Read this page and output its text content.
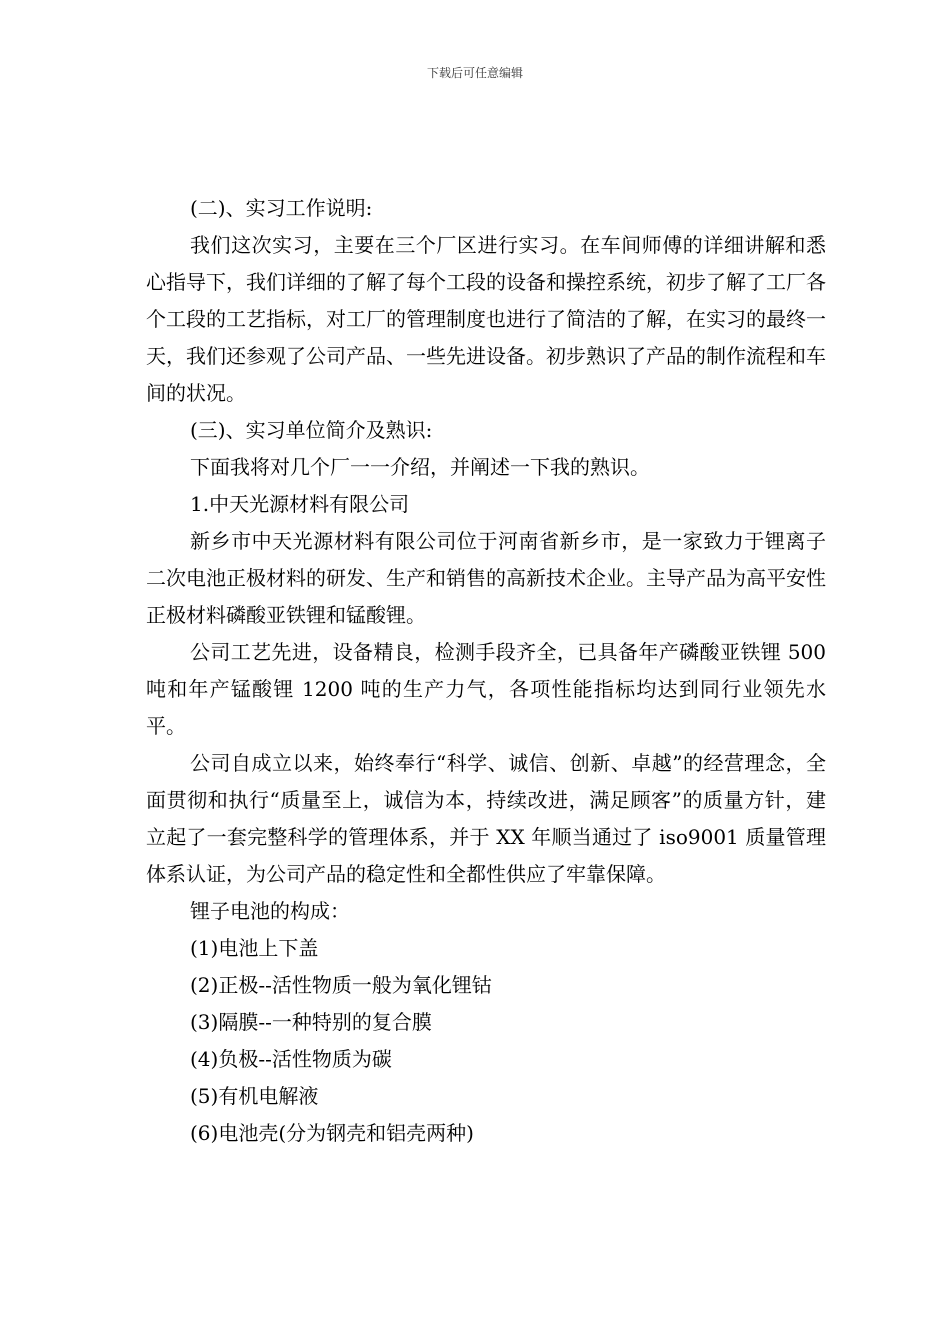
下载后可任意编辑

(二)、实习工作说明:

我们这次实习，主要在三个厂区进行实习。在车间师傅的详细讲解和悉心指导下，我们详细的了解了每个工段的设备和操控系统，初步了解了工厂各个工段的工艺指标，对工厂的管理制度也进行了简洁的了解，在实习的最终一天，我们还参观了公司产品、一些先进设备。初步熟识了产品的制作流程和车间的状况。

(三)、实习单位简介及熟识:

下面我将对几个厂一一介绍，并阐述一下我的熟识。

1.中天光源材料有限公司

新乡市中天光源材料有限公司位于河南省新乡市，是一家致力于锂离子二次电池正极材料的研发、生产和销售的高新技术企业。主导产品为高平安性正极材料磷酸亚铁锂和锰酸锂。

公司工艺先进，设备精良，检测手段齐全，已具备年产磷酸亚铁锂 500 吨和年产锰酸锂 1200 吨的生产力气，各项性能指标均达到同行业领先水平。

公司自成立以来，始终奉行“科学、诚信、创新、卓越”的经营理念，全面贯彻和执行“质量至上，诚信为本，持续改进，满足顾客”的质量方针，建立起了一套完整科学的管理体系，并于 XX 年顺当通过了 iso9001 质量管理体系认证，为公司产品的稳定性和全都性供应了牢靠保障。

锂子电池的构成：

(1)电池上下盖

(2)正极--活性物质一般为氧化锂钴

(3)隔膜--一种特别的复合膜

(4)负极--活性物质为碳

(5)有机电解液

(6)电池壳(分为钢壳和铝壳两种)
